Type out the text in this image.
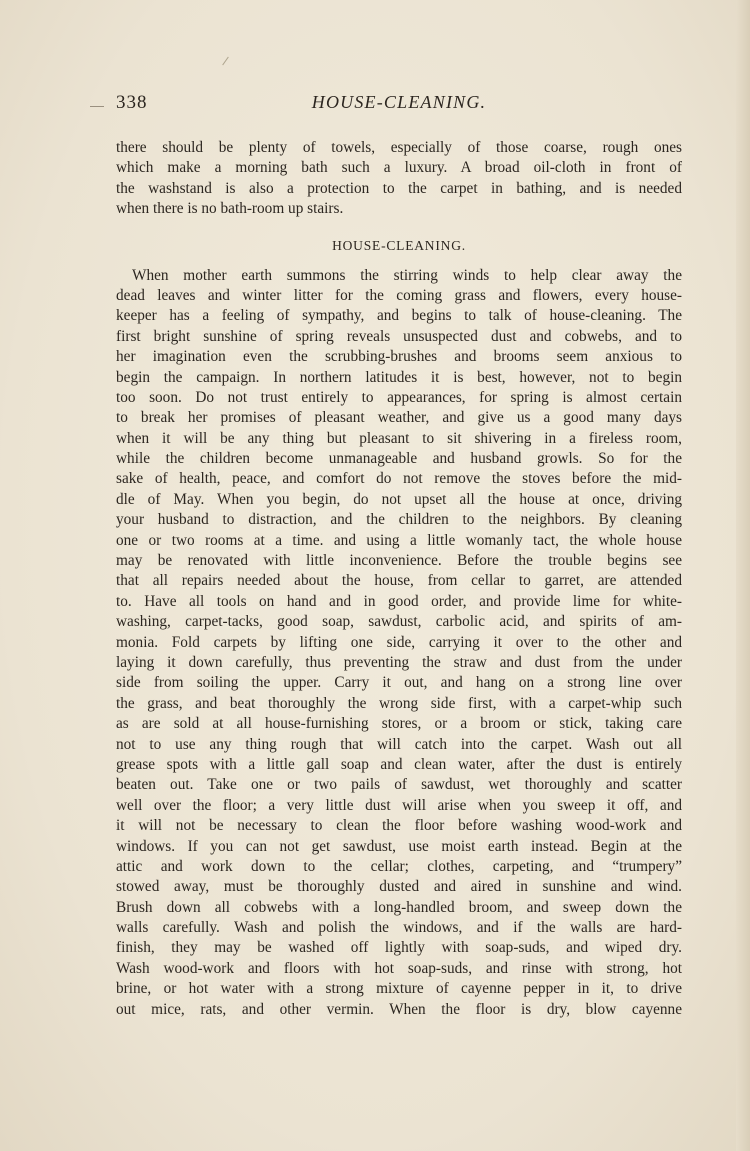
338	HOUSE-CLEANING.
there should be plenty of towels, especially of those coarse, rough ones
which make a morning bath such a luxury. A broad oil-cloth in front of
the washstand is also a protection to the carpet in bathing, and is needed
when there is no bath-room up stairs.
HOUSE-CLEANING.
When mother earth summons the stirring winds to help clear away the
dead leaves and winter litter for the coming grass and flowers, every house-
keeper has a feeling of sympathy, and begins to talk of house-cleaning. The
first bright sunshine of spring reveals unsuspected dust and cobwebs, and to
her imagination even the scrubbing-brushes and brooms seem anxious to
begin the campaign. In northern latitudes it is best, however, not to begin
too soon. Do not trust entirely to appearances, for spring is almost certain
to break her promises of pleasant weather, and give us a good many days
when it will be any thing but pleasant to sit shivering in a fireless room,
while the children become unmanageable and husband growls. So for the
sake of health, peace, and comfort do not remove the stoves before the mid-
dle of May. When you begin, do not upset all the house at once, driving
your husband to distraction, and the children to the neighbors. By cleaning
one or two rooms at a time. and using a little womanly tact, the whole house
may be renovated with little inconvenience. Before the trouble begins see
that all repairs needed about the house, from cellar to garret, are attended
to. Have all tools on hand and in good order, and provide lime for white-
washing, carpet-tacks, good soap, sawdust, carbolic acid, and spirits of am-
monia. Fold carpets by lifting one side, carrying it over to the other and
laying it down carefully, thus preventing the straw and dust from the under
side from soiling the upper. Carry it out, and hang on a strong line over
the grass, and beat thoroughly the wrong side first, with a carpet-whip such
as are sold at all house-furnishing stores, or a broom or stick, taking care
not to use any thing rough that will catch into the carpet. Wash out all
grease spots with a little gall soap and clean water, after the dust is entirely
beaten out. Take one or two pails of sawdust, wet thoroughly and scatter
well over the floor; a very little dust will arise when you sweep it off, and
it will not be necessary to clean the floor before washing wood-work and
windows. If you can not get sawdust, use moist earth instead. Begin at the
attic and work down to the cellar; clothes, carpeting, and “trumpery”
stowed away, must be thoroughly dusted and aired in sunshine and wind.
Brush down all cobwebs with a long-handled broom, and sweep down the
walls carefully. Wash and polish the windows, and if the walls are hard-
finish, they may be washed off lightly with soap-suds, and wiped dry.
Wash wood-work and floors with hot soap-suds, and rinse with strong, hot
brine, or hot water with a strong mixture of cayenne pepper in it, to drive
out mice, rats, and other vermin. When the floor is dry, blow cayenne
